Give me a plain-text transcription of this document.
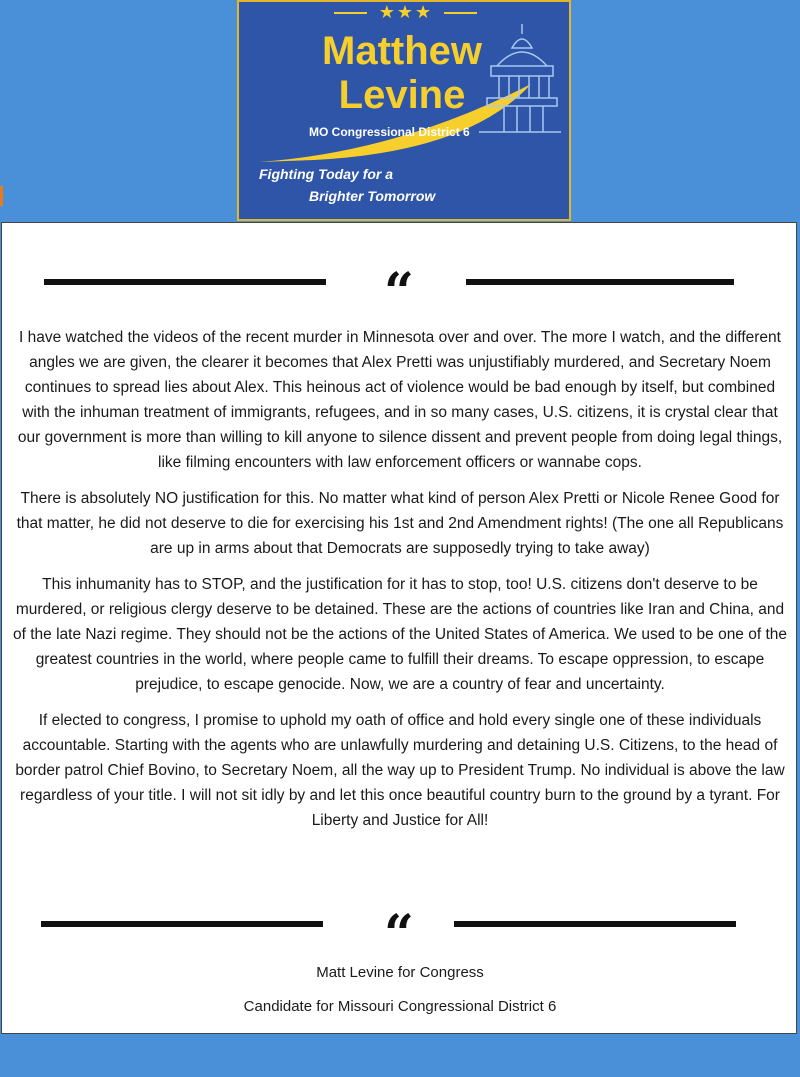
★★★
Matthew
Levine
MO Congressional District 6
Fighting Today for a
Brighter Tomorrow
“

I have watched the videos of the recent murder in Minnesota over and over. The more I watch, and the different angles we are given, the clearer it becomes that Alex Pretti was unjustifiably murdered, and Secretary Noem continues to spread lies about Alex. This heinous act of violence would be bad enough by itself, but combined with the inhuman treatment of immigrants, refugees, and in so many cases, U.S. citizens, it is crystal clear that our government is more than willing to kill anyone to silence dissent and prevent people from doing legal things, like filming encounters with law enforcement officers or wannabe cops.

There is absolutely NO justification for this. No matter what kind of person Alex Pretti or Nicole Renee Good for that matter, he did not deserve to die for exercising his 1st and 2nd Amendment rights! (The one all Republicans are up in arms about that Democrats are supposedly trying to take away)

This inhumanity has to STOP, and the justification for it has to stop, too! U.S. citizens don't deserve to be murdered, or religious clergy deserve to be detained. These are the actions of countries like Iran and China, and of the late Nazi regime. They should not be the actions of the United States of America. We used to be one of the greatest countries in the world, where people came to fulfill their dreams. To escape oppression, to escape prejudice, to escape genocide. Now, we are a country of fear and uncertainty.

If elected to congress, I promise to uphold my oath of office and hold every single one of these individuals accountable. Starting with the agents who are unlawfully murdering and detaining U.S. Citizens, to the head of border patrol Chief Bovino, to Secretary Noem, all the way up to President Trump. No individual is above the law regardless of your title. I will not sit idly by and let this once beautiful country burn to the ground by a tyrant. For Liberty and Justice for All!

“
Matt Levine for Congress
Candidate for Missouri Congressional District 6
